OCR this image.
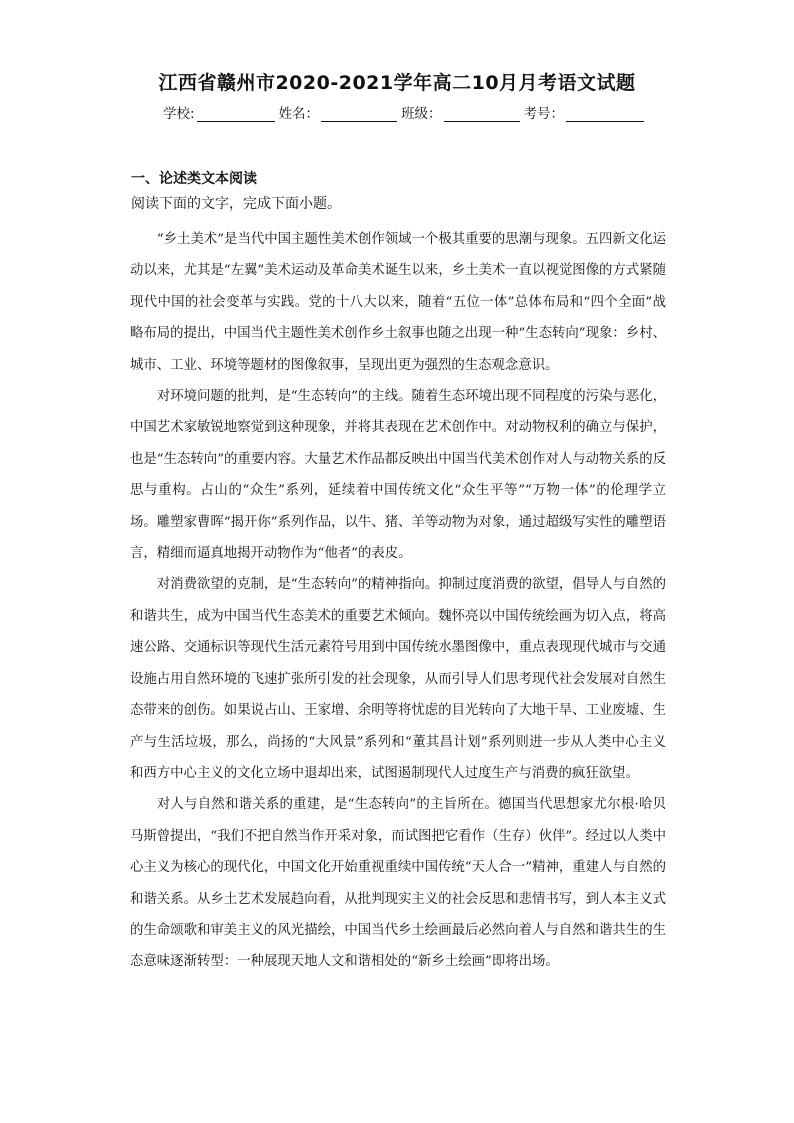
江西省赣州市2020-2021学年高二10月月考语文试题
学校:	姓名：	班级：	考号：
一、论述类文本阅读
阅读下面的文字，完成下面小题。

“乡土美术”是当代中国主题性美术创作领域一个极其重要的思潮与现象。五四新文化运动以来，尤其是“左翼”美术运动及革命美术诞生以来，乡土美术一直以视觉图像的方式紧随现代中国的社会变革与实践。党的十八大以来，随着“五位一体”总体布局和“四个全面”战略布局的提出，中国当代主题性美术创作乡土叙事也随之出现一种“生态转向”现象：乡村、城市、工业、环境等题材的图像叙事，呈现出更为强烈的生态观念意识。

对环境问题的批判，是“生态转向”的主线。随着生态环境出现不同程度的污染与恶化，中国艺术家敏锐地察觉到这种现象，并将其表现在艺术创作中。对动物权利的确立与保护，也是“生态转向”的重要内容。大量艺术作品都反映出中国当代美术创作对人与动物关系的反思与重构。占山的“众生”系列，延续着中国传统文化“众生平等”“万物一体”的伦理学立场。雕塑家曹晖“揭开你”系列作品，以牛、猪、羊等动物为对象，通过超级写实性的雕塑语言，精细而逼真地揭开动物作为“他者”的表皮。

对消费欲望的克制，是“生态转向”的精神指向。抑制过度消费的欲望，倡导人与自然的和谐共生，成为中国当代生态美术的重要艺术倾向。魏怀亮以中国传统绘画为切入点，将高速公路、交通标识等现代生活元素符号用到中国传统水墨图像中，重点表现现代城市与交通设施占用自然环境的飞速扩张所引发的社会现象，从而引导人们思考现代社会发展对自然生态带来的创伤。如果说占山、王家增、余明等将忧虑的目光转向了大地干旱、工业废墟、生产与生活垃圾，那么，尚扬的“大风景”系列和“董其昌计划”系列则进一步从人类中心主义和西方中心主义的文化立场中退却出来，试图遏制现代人过度生产与消费的疯狂欲望。

对人与自然和谐关系的重建，是“生态转向”的主旨所在。德国当代思想家尤尔根·哈贝马斯曾提出，“我们不把自然当作开采对象，而试图把它看作（生存）伙伴”。经过以人类中心主义为核心的现代化，中国文化开始重视重续中国传统“天人合一”精神，重建人与自然的和谐关系。从乡土艺术发展趋向看，从批判现实主义的社会反思和悲情书写，到人本主义式的生命颂歌和审美主义的风光描绘，中国当代乡土绘画最后必然向着人与自然和谐共生的生态意味逐渐转型：一种展现天地人文和谐相处的“新乡土绘画”即将出场。
